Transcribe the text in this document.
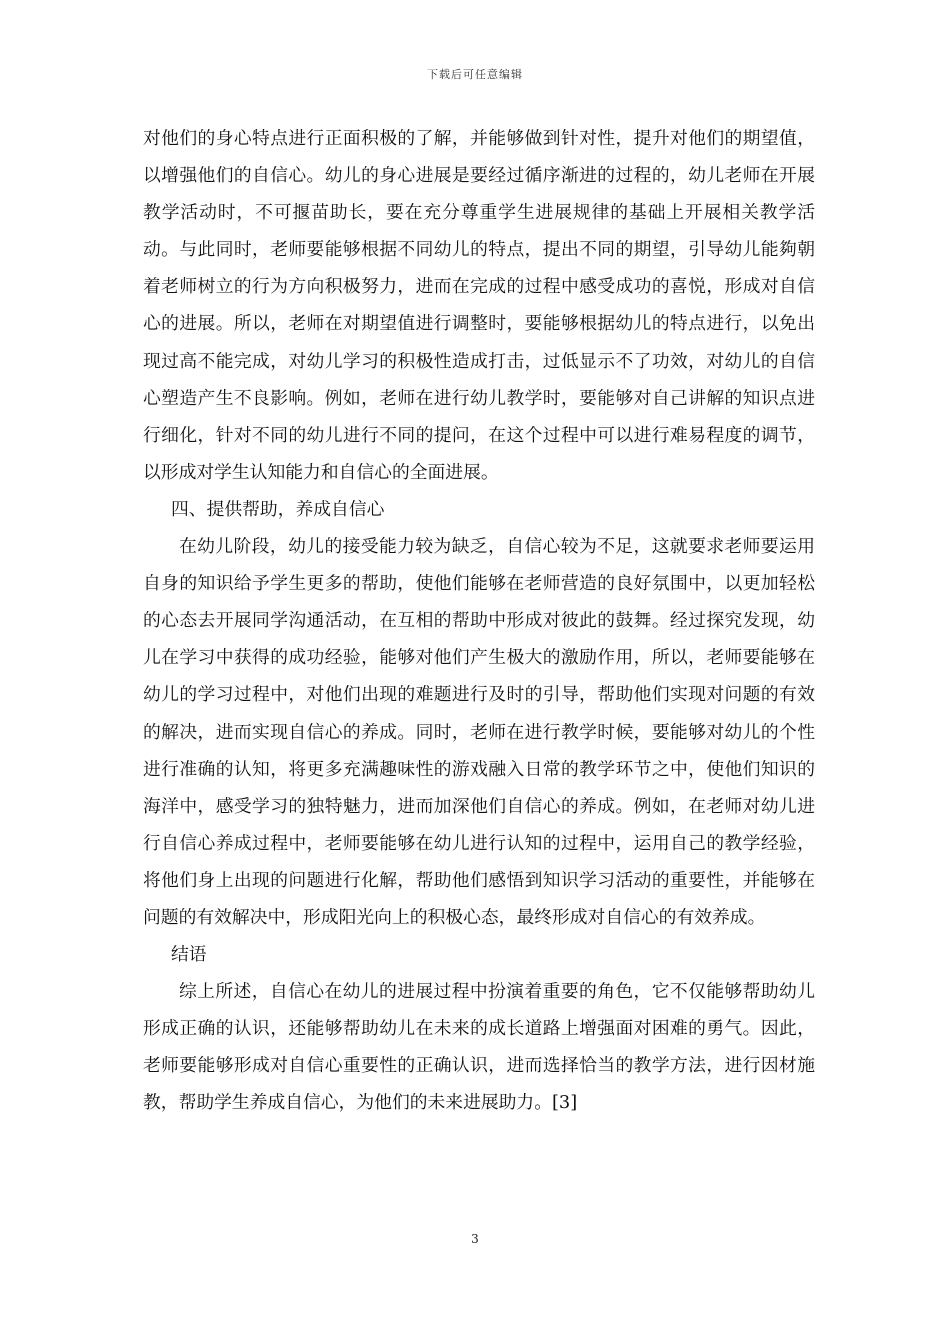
下载后可任意编辑

对他们的身心特点进行正面积极的了解，并能够做到针对性，提升对他们的期望值，以增强他们的自信心。幼儿的身心进展是要经过循序渐进的过程的，幼儿老师在开展教学活动时，不可揠苗助长，要在充分尊重学生进展规律的基础上开展相关教学活动。与此同时，老师要能够根据不同幼儿的特点，提出不同的期望，引导幼儿能夠朝着老师树立的行为方向积极努力，进而在完成的过程中感受成功的喜悦，形成对自信心的进展。所以，老师在对期望值进行调整时，要能够根据幼儿的特点进行，以免出现过高不能完成，对幼儿学习的积极性造成打击，过低显示不了功效，对幼儿的自信心塑造产生不良影响。例如，老师在进行幼儿教学时，要能够对自己讲解的知识点进行细化，针对不同的幼儿进行不同的提问，在这个过程中可以进行难易程度的调节，以形成对学生认知能力和自信心的全面进展。

四、提供帮助，养成自信心

在幼儿阶段，幼儿的接受能力较为缺乏，自信心较为不足，这就要求老师要运用自身的知识给予学生更多的帮助，使他们能够在老师营造的良好氛围中，以更加轻松的心态去开展同学沟通活动，在互相的帮助中形成对彼此的鼓舞。经过探究发现，幼儿在学习中获得的成功经验，能够对他们产生极大的激励作用，所以，老师要能够在幼儿的学习过程中，对他们出现的难题进行及时的引导，帮助他们实现对问题的有效的解决，进而实现自信心的养成。同时，老师在进行教学时候，要能够对幼儿的个性进行准确的认知，将更多充满趣味性的游戏融入日常的教学环节之中，使他们知识的海洋中，感受学习的独特魅力，进而加深他们自信心的养成。例如，在老师对幼儿进行自信心养成过程中，老师要能够在幼儿进行认知的过程中，运用自己的教学经验，将他们身上出现的问题进行化解，帮助他们感悟到知识学习活动的重要性，并能够在问题的有效解决中，形成阳光向上的积极心态，最终形成对自信心的有效养成。

结语

综上所述，自信心在幼儿的进展过程中扮演着重要的角色，它不仅能够帮助幼儿形成正确的认识，还能够帮助幼儿在未来的成长道路上增强面对困难的勇气。因此，老师要能够形成对自信心重要性的正确认识，进而选择恰当的教学方法，进行因材施教，帮助学生养成自信心，为他们的未来进展助力。[3]

3
